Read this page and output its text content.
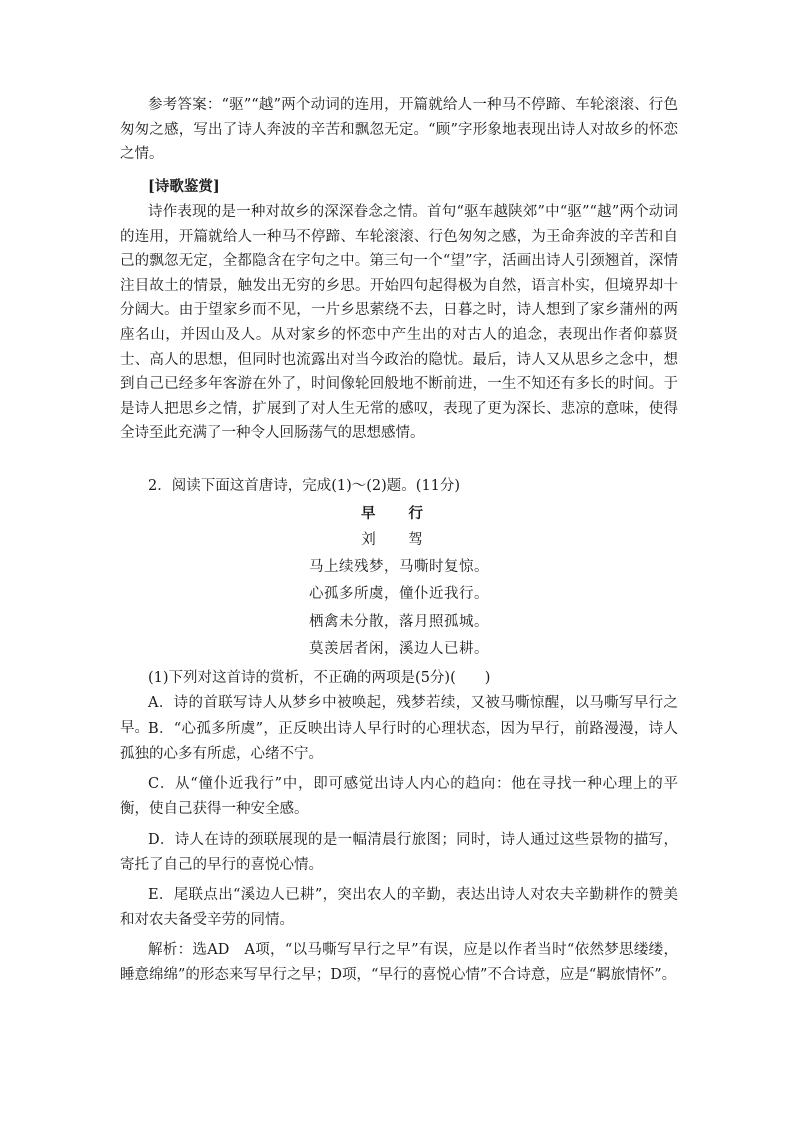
参考答案：“驱”“越”两个动词的连用，开篇就给人一种马不停蹄、车轮滚滚、行色匆匆之感，写出了诗人奔波的辛苦和飘忽无定。“顾”字形象地表现出诗人对故乡的怀恋之情。

[诗歌鉴赏]

诗作表现的是一种对故乡的深深眷念之情。首句“驱车越陕郊”中“驱”“越”两个动词的连用，开篇就给人一种马不停蹄、车轮滚滚、行色匆匆之感，为王命奔波的辛苦和自己的飘忽无定，全都隐含在字句之中。第三句一个“望”字，活画出诗人引颈翘首，深情注目故土的情景，触发出无穷的乡思。开始四句起得极为自然，语言朴实，但境界却十分阔大。由于望家乡而不见，一片乡思萦绕不去，日暮之时，诗人想到了家乡蒲州的两座名山，并因山及人。从对家乡的怀恋中产生出的对古人的追念，表现出作者仰慕贤士、高人的思想，但同时也流露出对当今政治的隐忧。最后，诗人又从思乡之念中，想到自己已经多年客游在外了，时间像轮回般地不断前进，一生不知还有多长的时间。于是诗人把思乡之情，扩展到了对人生无常的感叹，表现了更为深长、悲凉的意味，使得全诗至此充满了一种令人回肠荡气的思想感情。

2．阅读下面这首唐诗，完成(1)～(2)题。(11分)

早 行

刘 驾

马上续残梦，马嘶时复惊。

心孤多所虞，僮仆近我行。

栖禽未分散，落月照孤城。

莫羡居者闲，溪边人已耕。

(1)下列对这首诗的赏析，不正确的两项是(5分)(　　)

A．诗的首联写诗人从梦乡中被唤起，残梦若续，又被马嘶惊醒，以马嘶写早行之早。 B．“心孤多所虞”，正反映出诗人早行时的心理状态，因为早行，前路漫漫，诗人孤独的心多有所虑，心绪不宁。

C．从“僮仆近我行”中，即可感觉出诗人内心的趋向：他在寻找一种心理上的平衡，使自己获得一种安全感。

D．诗人在诗的颈联展现的是一幅清晨行旅图；同时，诗人通过这些景物的描写，寄托了自己的早行的喜悦心情。

E．尾联点出“溪边人已耕”，突出农人的辛勤，表达出诗人对农夫辛勤耕作的赞美和对农夫备受辛劳的同情。

解析：选AD　A项，“以马嘶写早行之早”有误，应是以作者当时“依然梦思缕缕，睡意绵绵”的形态来写早行之早；D项，“早行的喜悦心情”不合诗意，应是“羁旅情怀”。
